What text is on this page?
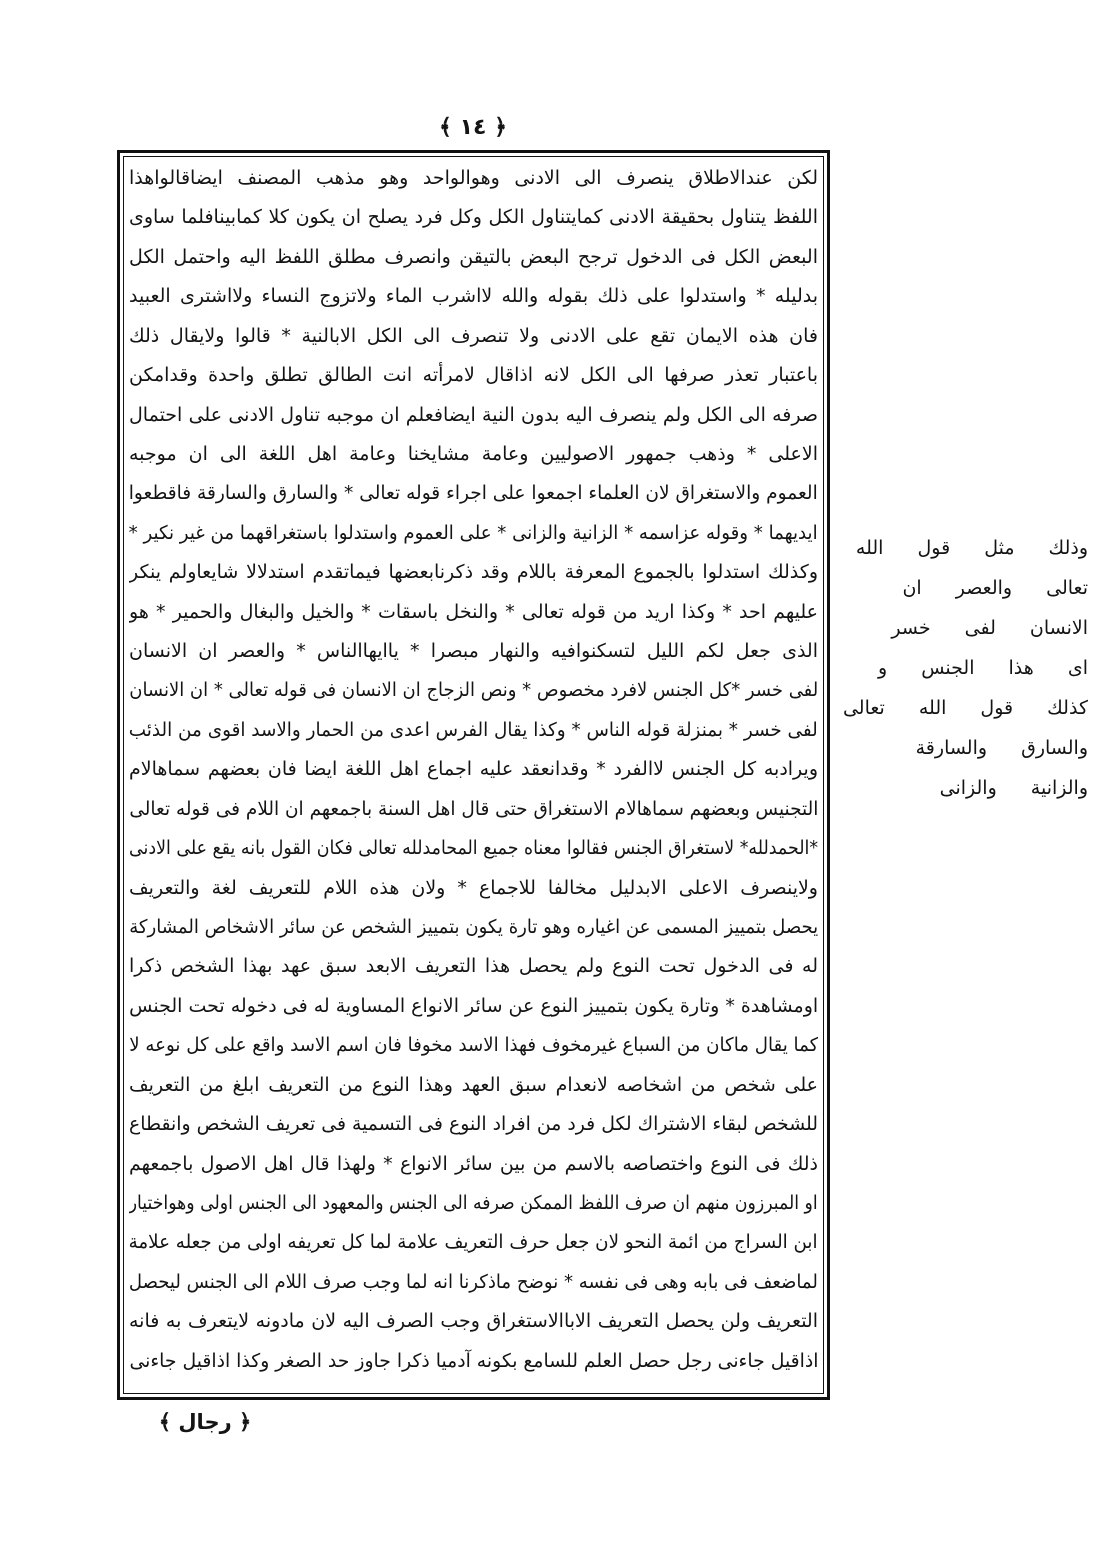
﴿ ١٤ ﴾
لكن عندالاطلاق ينصرف الى الادنى وهوالواحد وهو مذهب المصنف ايضاقالواهذا
اللفظ يتناول بحقيقة الادنى كمايتناول الكل وكل فرد يصلح ان يكون كلا كمابينافلما ساوى
البعض الكل فى الدخول ترجح البعض بالتيقن وانصرف مطلق اللفظ اليه واحتمل الكل
بدليله * واستدلوا على ذلك بقوله والله لااشرب الماء ولاتزوج النساء ولااشترى العبيد
فان هذه الايمان تقع على الادنى ولا تنصرف الى الكل الابالنية * قالوا ولايقال ذلك
باعتبار تعذر صرفها الى الكل لانه اذاقال لامرأته انت الطالق تطلق واحدة وقدامكن
صرفه الى الكل ولم ينصرف اليه بدون النية ايضافعلم ان موجبه تناول الادنى على احتمال
الاعلى * وذهب جمهور الاصوليين وعامة مشايخنا وعامة اهل اللغة الى ان موجبه
العموم والاستغراق لان العلماء اجمعوا على اجراء قوله تعالى * والسارق والسارقة فاقطعوا
ايديهما * وقوله عزاسمه * الزانية والزانى * على العموم واستدلوا باستغراقهما من غير نكير *
وكذلك استدلوا بالجموع المعرفة باللام وقد ذكرنابعضها فيماتقدم استدلالا شايعاولم ينكر
عليهم احد * وكذا اريد من قوله تعالى * والنخل باسقات * والخيل والبغال والحمير * هو
الذى جعل لكم الليل لتسكنوافيه والنهار مبصرا * ياايهاالناس * والعصر ان الانسان
لفى خسر *كل الجنس لافرد مخصوص * ونص الزجاج ان الانسان فى قوله تعالى * ان الانسان
لفى خسر * بمنزلة قوله الناس * وكذا يقال الفرس اعدى من الحمار والاسد اقوى من الذئب
ويرادبه كل الجنس لاالفرد * وقدانعقد عليه اجماع اهل اللغة ايضا فان بعضهم سماهالام
التجنيس وبعضهم سماهالام الاستغراق حتى قال اهل السنة باجمعهم ان اللام فى قوله تعالى
*الحمدلله* لاستغراق الجنس فقالوا معناه جميع المحامدلله تعالى فكان القول بانه يقع على الادنى
ولاينصرف الاعلى الابدليل مخالفا للاجماع * ولان هذه اللام للتعريف لغة والتعريف
يحصل بتمييز المسمى عن اغياره وهو تارة يكون بتمييز الشخص عن سائر الاشخاص المشاركة
له فى الدخول تحت النوع ولم يحصل هذا التعريف الابعد سبق عهد بهذا الشخص ذكرا
اومشاهدة * وتارة يكون بتمييز النوع عن سائر الانواع المساوية له فى دخوله تحت الجنس
كما يقال ماكان من السباع غيرمخوف فهذا الاسد مخوفا فان اسم الاسد واقع على كل نوعه لا
على شخص من اشخاصه لانعدام سبق العهد وهذا النوع من التعريف ابلغ من التعريف
للشخص لبقاء الاشتراك لكل فرد من افراد النوع فى التسمية فى تعريف الشخص وانقطاع
ذلك فى النوع واختصاصه بالاسم من بين سائر الانواع * ولهذا قال اهل الاصول باجمعهم
او المبرزون منهم ان صرف اللفظ الممكن صرفه الى الجنس والمعهود الى الجنس اولى وهواختيار
ابن السراج من ائمة النحو لان جعل حرف التعريف علامة لما كل تعريفه اولى من جعله علامة
لماضعف فى بابه وهى فى نفسه * نوضح ماذكرنا انه لما وجب صرف اللام الى الجنس ليحصل
التعريف ولن يحصل التعريف الاباالاستغراق وجب الصرف اليه لان مادونه لايتعرف به فانه
اذاقيل جاءنى رجل حصل العلم للسامع بكونه آدميا ذكرا جاوز حد الصغر وكذا اذاقيل جاءنى
وذلك مثل قول الله
تعالى والعصر ان
الانسان لفى خسر
اى هذا الجنس و
كذلك قول الله تعالى
والسارق والسارقة
والزانية والزانى
﴿ رجال ﴾
